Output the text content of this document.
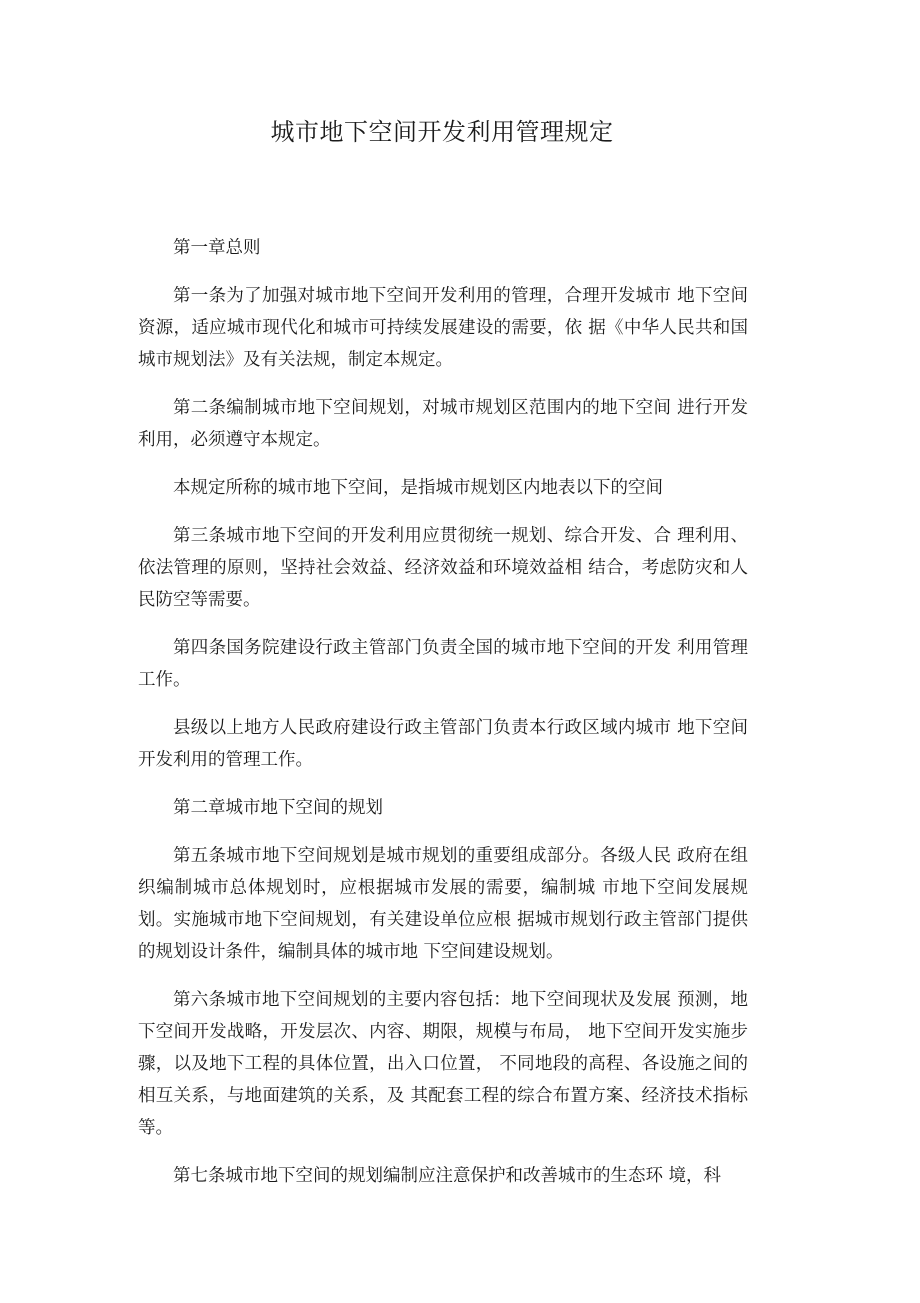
城市地下空间开发利用管理规定

第一章总则

第一条为了加强对城市地下空间开发利用的管理，合理开发城市 地下空间资源，适应城市现代化和城市可持续发展建设的需要，依 据《中华人民共和国城市规划法》及有关法规，制定本规定。

第二条编制城市地下空间规划，对城市规划区范围内的地下空间 进行开发利用，必须遵守本规定。

本规定所称的城市地下空间，是指城市规划区内地表以下的空间

第三条城市地下空间的开发利用应贯彻统一规划、综合开发、合 理利用、依法管理的原则，坚持社会效益、经济效益和环境效益相 结合，考虑防灾和人民防空等需要。

第四条国务院建设行政主管部门负责全国的城市地下空间的开发 利用管理工作。

县级以上地方人民政府建设行政主管部门负责本行政区域内城市 地下空间开发利用的管理工作。

第二章城市地下空间的规划

第五条城市地下空间规划是城市规划的重要组成部分。各级人民 政府在组织编制城市总体规划时，应根据城市发展的需要，编制城 市地下空间发展规划。实施城市地下空间规划，有关建设单位应根 据城市规划行政主管部门提供的规划设计条件，编制具体的城市地 下空间建设规划。

第六条城市地下空间规划的主要内容包括：地下空间现状及发展 预测，地下空间开发战略，开发层次、内容、期限，规模与布局， 地下空间开发实施步骤，以及地下工程的具体位置，出入口位置， 不同地段的高程、各设施之间的相互关系，与地面建筑的关系，及 其配套工程的综合布置方案、经济技术指标等。

第七条城市地下空间的规划编制应注意保护和改善城市的生态环 境，科
